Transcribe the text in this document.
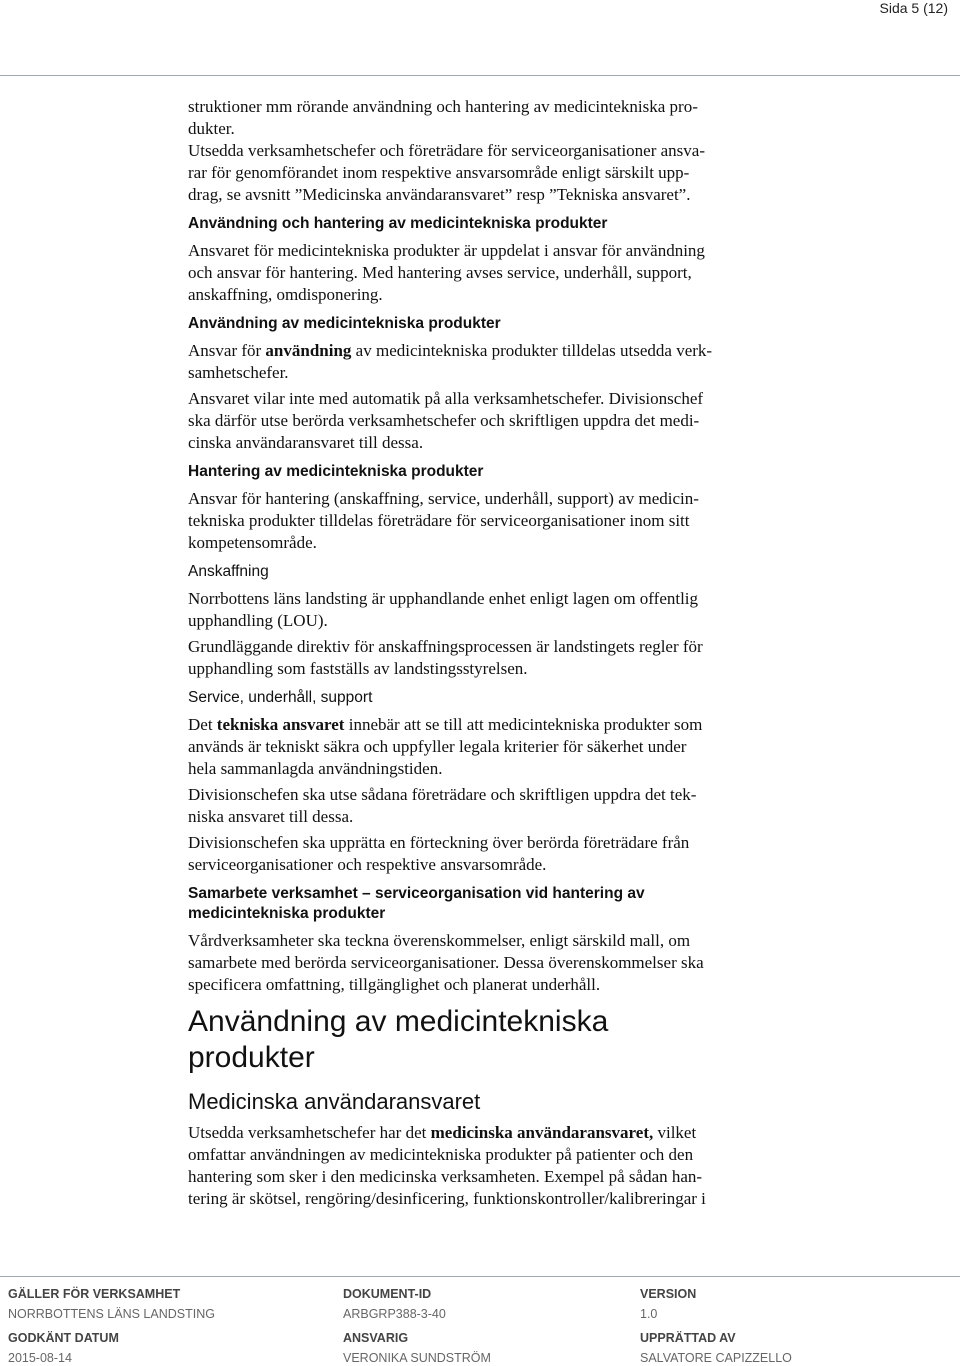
Sida 5 (12)

struktioner mm rörande användning och hantering av medicintekniska pro-
dukter.
Utsedda verksamhetschefer och företrädare för serviceorganisationer ansva-
rar för genomförandet inom respektive ansvarsområde enligt särskilt upp-
drag, se avsnitt ”Medicinska användaransvaret” resp ”Tekniska ansvaret”.

Användning och hantering av medicintekniska produkter

Ansvaret för medicintekniska produkter är uppdelat i ansvar för användning
och ansvar för hantering. Med hantering avses service, underhåll, support,
anskaffning, omdisponering.

Användning av medicintekniska produkter

Ansvar för användning av medicintekniska produkter tilldelas utsedda verk-
samhetschefer.

Ansvaret vilar inte med automatik på alla verksamhetschefer. Divisionschef
ska därför utse berörda verksamhetschefer och skriftligen uppdra det medi-
cinska användaransvaret till dessa.

Hantering av medicintekniska produkter

Ansvar för hantering (anskaffning, service, underhåll, support) av medicin-
tekniska produkter tilldelas företrädare för serviceorganisationer inom sitt
kompetensområde.

Anskaffning

Norrbottens läns landsting är upphandlande enhet enligt lagen om offentlig
upphandling (LOU).

Grundläggande direktiv för anskaffningsprocessen är landstingets regler för
upphandling som fastställs av landstingsstyrelsen.

Service, underhåll, support

Det tekniska ansvaret innebär att se till att medicintekniska produkter som
används är tekniskt säkra och uppfyller legala kriterier för säkerhet under
hela sammanlagda användningstiden.

Divisionschefen ska utse sådana företrädare och skriftligen uppdra det tek-
niska ansvaret till dessa.

Divisionschefen ska upprätta en förteckning över berörda företrädare från
serviceorganisationer och respektive ansvarsområde.

Samarbete verksamhet – serviceorganisation vid hantering av
medicintekniska produkter

Vårdverksamheter ska teckna överenskommelser, enligt särskild mall, om
samarbete med berörda serviceorganisationer. Dessa överenskommelser ska
specificera omfattning, tillgänglighet och planerat underhåll.

Användning av medicintekniska
produkter
Medicinska användaransvaret

Utsedda verksamhetschefer har det medicinska användaransvaret, vilket
omfattar användningen av medicintekniska produkter på patienter och den
hantering som sker i den medicinska verksamheten. Exempel på sådan han-
tering är skötsel, rengöring/desinficering, funktionskontroller/kalibreringar i

GÄLLER FÖR VERKSAMHET
NORRBOTTENS LÄNS LANDSTING
DOKUMENT-ID
ARBGRP388-3-40
VERSION
1.0
GODKÄNT DATUM
2015-08-14
ANSVARIG
VERONIKA SUNDSTRÖM
UPPRÄTTAD AV
SALVATORE CAPIZZELLO
